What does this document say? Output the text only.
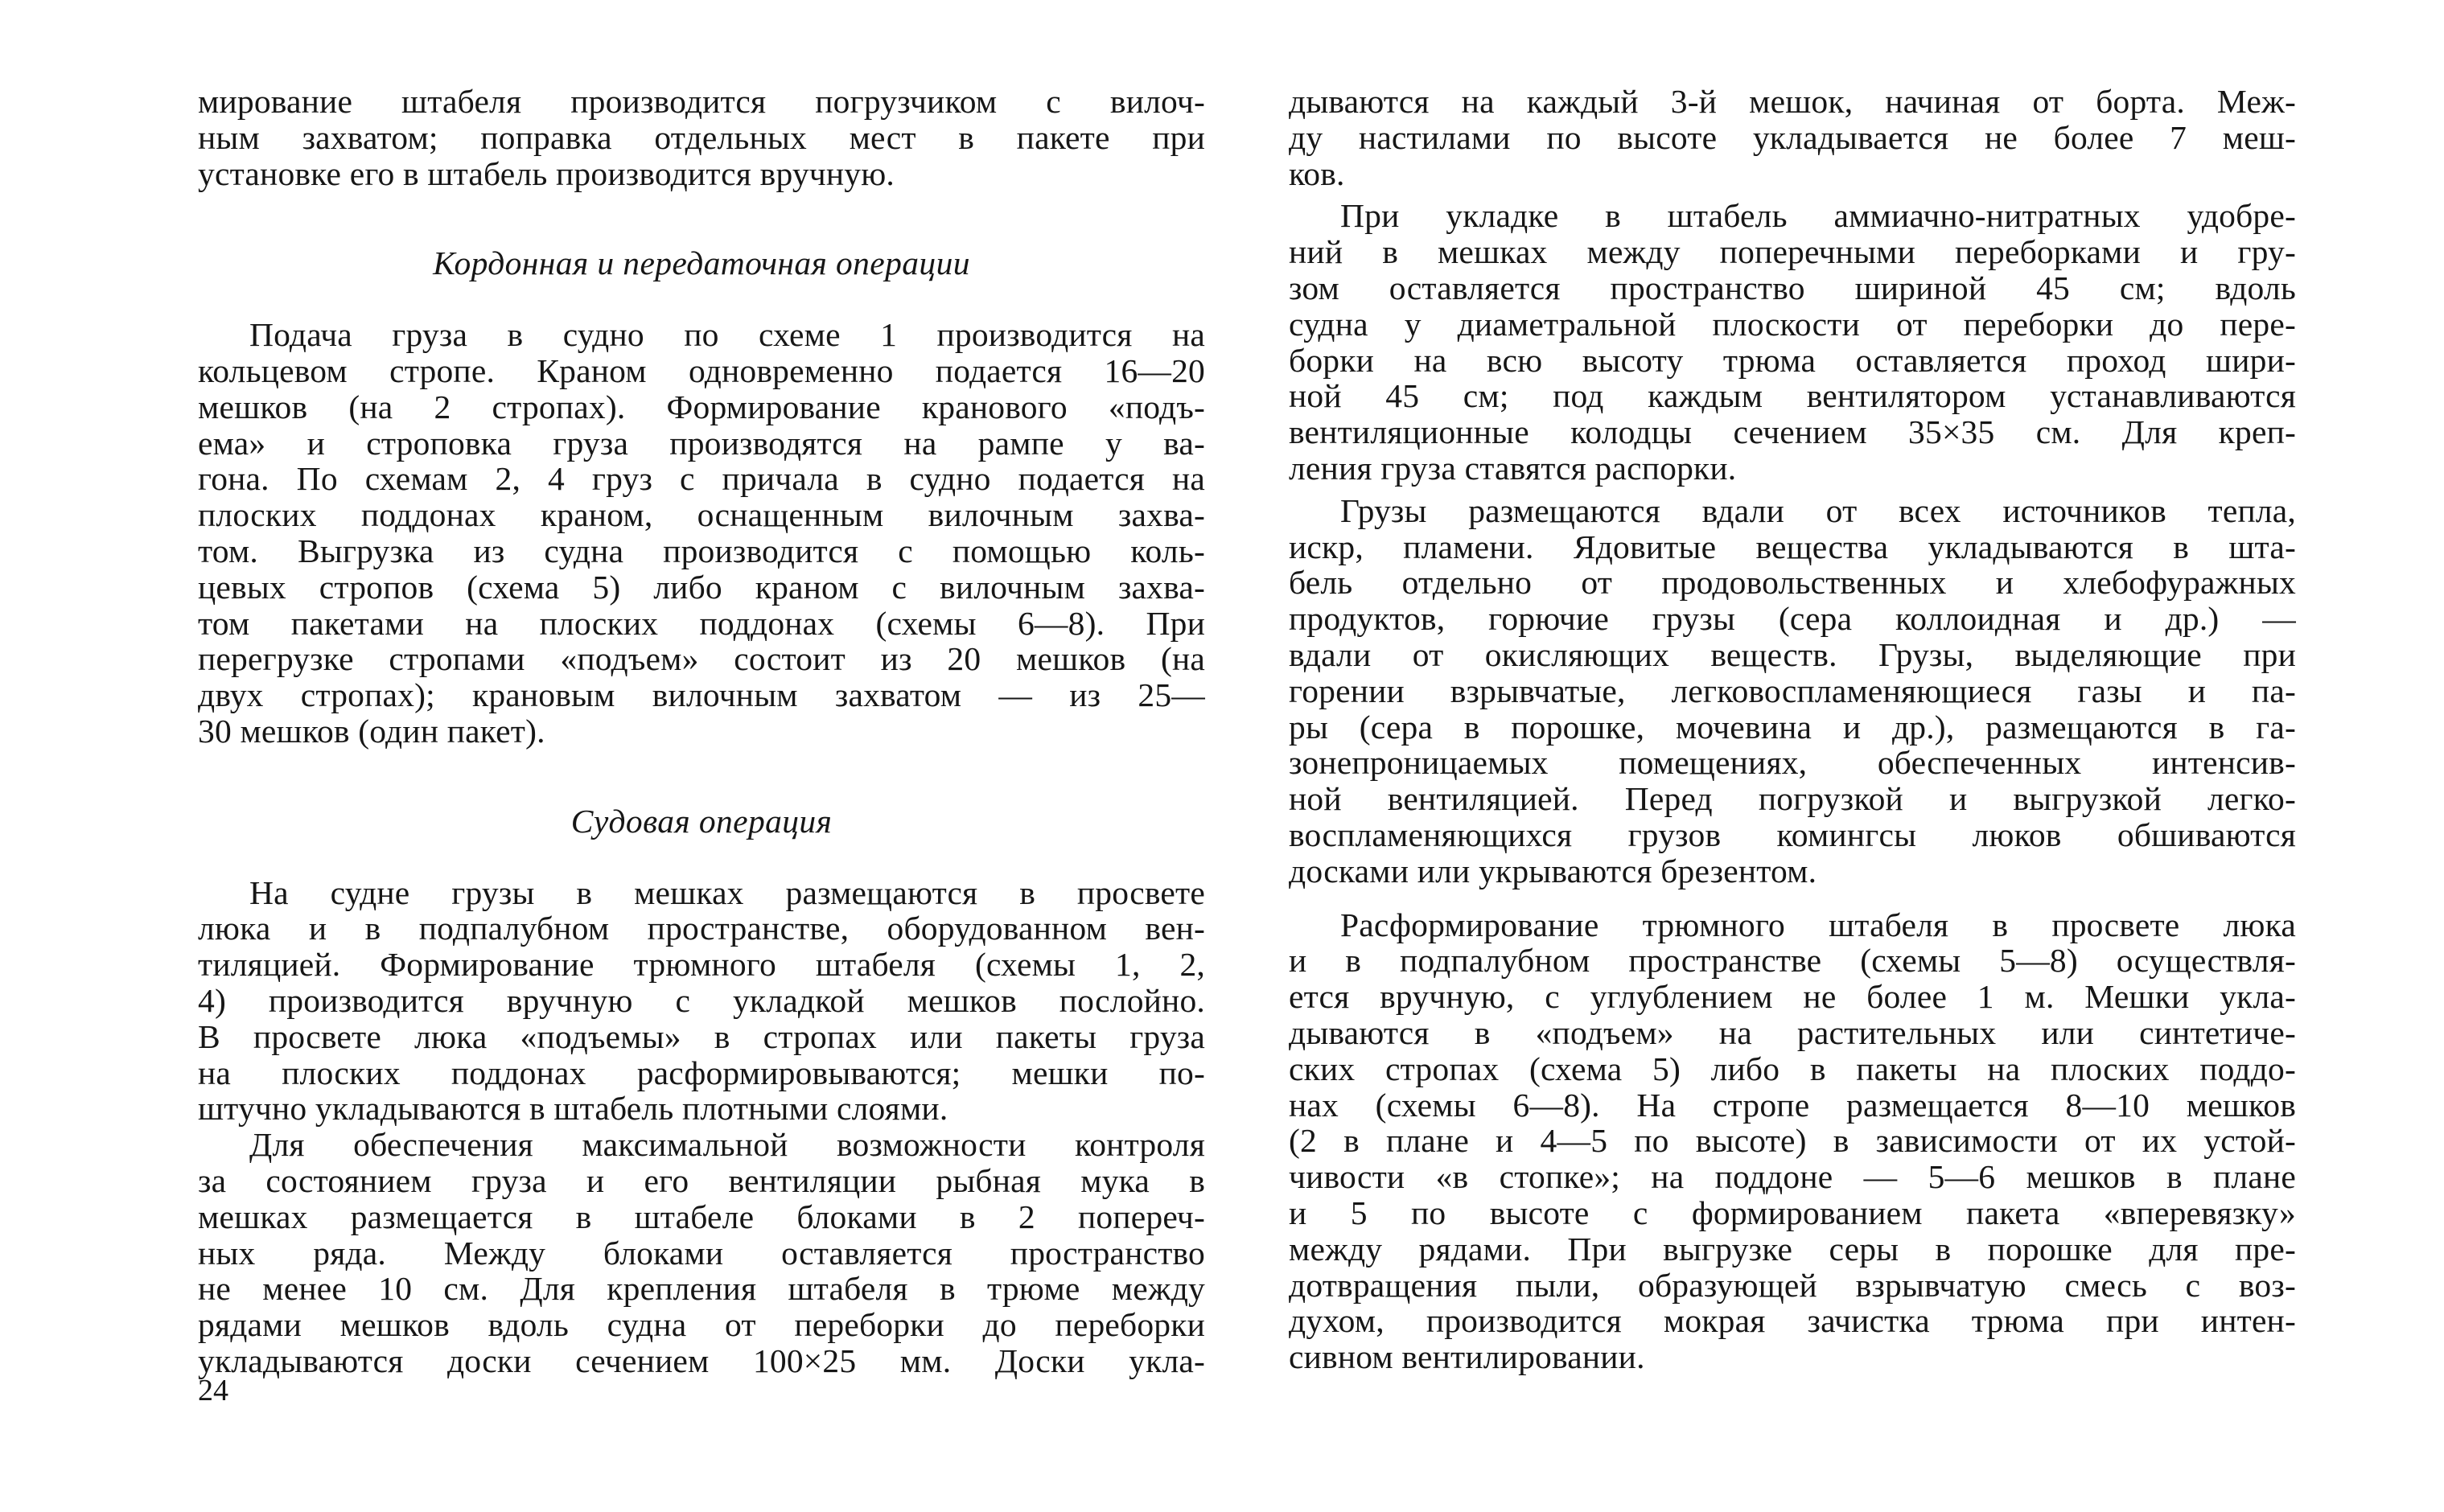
мирование штабеля производится погрузчиком с вилоч-
ным захватом; поправка отдельных мест в пакете при
установке его в штабель производится вручную.
Кордонная и передаточная операции
Подача груза в судно по схеме 1 производится на
кольцевом стропе. Краном одновременно подается 16—20
мешков (на 2 стропах). Формирование кранового «подъ-
ема» и строповка груза производятся на рампе у ва-
гона. По схемам 2, 4 груз с причала в судно подается на
плоских поддонах краном, оснащенным вилочным захва-
том. Выгрузка из судна производится с помощью коль-
цевых стропов (схема 5) либо краном с вилочным захва-
том пакетами на плоских поддонах (схемы 6—8). При
перегрузке стропами «подъем» состоит из 20 мешков (на
двух стропах); крановым вилочным захватом — из 25—
30 мешков (один пакет).
Судовая операция
На судне грузы в мешках размещаются в просвете
люка и в подпалубном пространстве, оборудованном вен-
тиляцией. Формирование трюмного штабеля (схемы 1, 2,
4) производится вручную с укладкой мешков послойно.
В просвете люка «подъемы» в стропах или пакеты груза
на плоских поддонах расформировываются; мешки по-
штучно укладываются в штабель плотными слоями.
Для обеспечения максимальной возможности контроля
за состоянием груза и его вентиляции рыбная мука в
мешках размещается в штабеле блоками в 2 попереч-
ных ряда. Между блоками оставляется пространство
не менее 10 см. Для крепления штабеля в трюме между
рядами мешков вдоль судна от переборки до переборки
укладываются доски сечением 100×25 мм. Доски укла-
дываются на каждый 3-й мешок, начиная от борта. Меж-
ду настилами по высоте укладывается не более 7 меш-
ков.
При укладке в штабель аммиачно-нитратных удобре-
ний в мешках между поперечными переборками и гру-
зом оставляется пространство шириной 45 см; вдоль
судна у диаметральной плоскости от переборки до пере-
борки на всю высоту трюма оставляется проход шири-
ной 45 см; под каждым вентилятором устанавливаются
вентиляционные колодцы сечением 35×35 см. Для креп-
ления груза ставятся распорки.
Грузы размещаются вдали от всех источников тепла,
искр, пламени. Ядовитые вещества укладываются в шта-
бель отдельно от продовольственных и хлебофуражных
продуктов, горючие грузы (сера коллоидная и др.) —
вдали от окисляющих веществ. Грузы, выделяющие при
горении взрывчатые, легковоспламеняющиеся газы и па-
ры (сера в порошке, мочевина и др.), размещаются в га-
зонепроницаемых помещениях, обеспеченных интенсив-
ной вентиляцией. Перед погрузкой и выгрузкой легко-
воспламеняющихся грузов комингсы люков обшиваются
досками или укрываются брезентом.
Расформирование трюмного штабеля в просвете люка
и в подпалубном пространстве (схемы 5—8) осуществля-
ется вручную, с углублением не более 1 м. Мешки укла-
дываются в «подъем» на растительных или синтетиче-
ских стропах (схема 5) либо в пакеты на плоских поддо-
нах (схемы 6—8). На стропе размещается 8—10 мешков
(2 в плане и 4—5 по высоте) в зависимости от их устой-
чивости «в стопке»; на поддоне — 5—6 мешков в плане
и 5 по высоте с формированием пакета «вперевязку»
между рядами. При выгрузке серы в порошке для пре-
дотвращения пыли, образующей взрывчатую смесь с воз-
духом, производится мокрая зачистка трюма при интен-
сивном вентилировании.
24
